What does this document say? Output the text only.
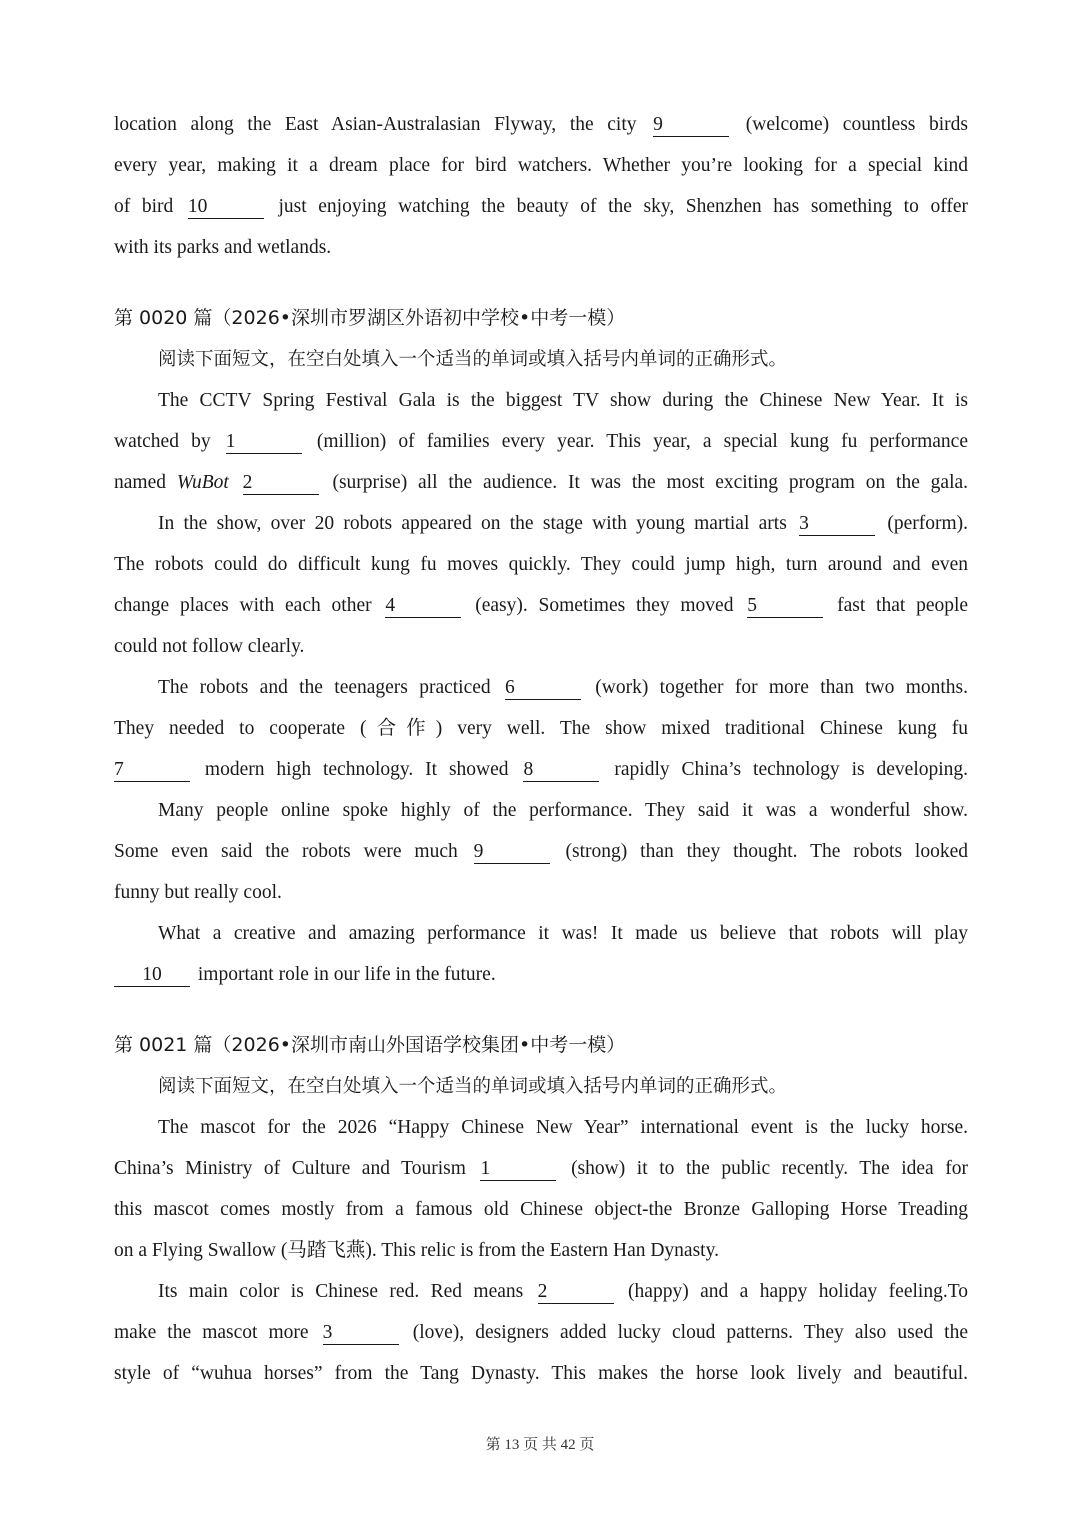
location along the East Asian-Australasian Flyway, the city 9	(welcome) countless birds
every year, making it a dream place for bird watchers. Whether you’re looking for a special kind
of bird 10	just enjoying watching the beauty of the sky, Shenzhen has something to offer
with its parks and wetlands.
第 0020 篇（2026•深圳市罗湖区外语初中学校•中考一模）
阅读下面短文，在空白处填入一个适当的单词或填入括号内单词的正确形式。
The CCTV Spring Festival Gala is the biggest TV show during the Chinese New Year. It is
watched by 1	(million) of families every year. This year, a special kung fu performance
named WuBot 2	(surprise) all the audience. It was the most exciting program on the gala.
In the show, over 20 robots appeared on the stage with young martial arts 3	(perform).
The robots could do difficult kung fu moves quickly. They could jump high, turn around and even
change places with each other 4	(easy). Sometimes they moved 5	fast that people
could not follow clearly.
The robots and the teenagers practiced 6	(work) together for more than two months.
They needed to cooperate (合作) very well. The show mixed traditional Chinese kung fu
7	modern high technology. It showed 8	rapidly China’s technology is developing.
Many people online spoke highly of the performance. They said it was a wonderful show.
Some even said the robots were much 9	(strong) than they thought. The robots looked
funny but really cool.
What a creative and amazing performance it was! It made us believe that robots will play
10 important role in our life in the future.
第 0021 篇（2026•深圳市南山外国语学校集团•中考一模）
阅读下面短文，在空白处填入一个适当的单词或填入括号内单词的正确形式。
The mascot for the 2026 “Happy Chinese New Year” international event is the lucky horse.
China’s Ministry of Culture and Tourism 1	(show) it to the public recently. The idea for
this mascot comes mostly from a famous old Chinese object-the Bronze Galloping Horse Treading
on a Flying Swallow (马踏飞燕). This relic is from the Eastern Han Dynasty.
Its main color is Chinese red. Red means 2	(happy) and a happy holiday feeling.To
make the mascot more 3	(love), designers added lucky cloud patterns. They also used the
style of “wuhua horses” from the Tang Dynasty. This makes the horse look lively and beautiful.
第 13 页 共 42 页
